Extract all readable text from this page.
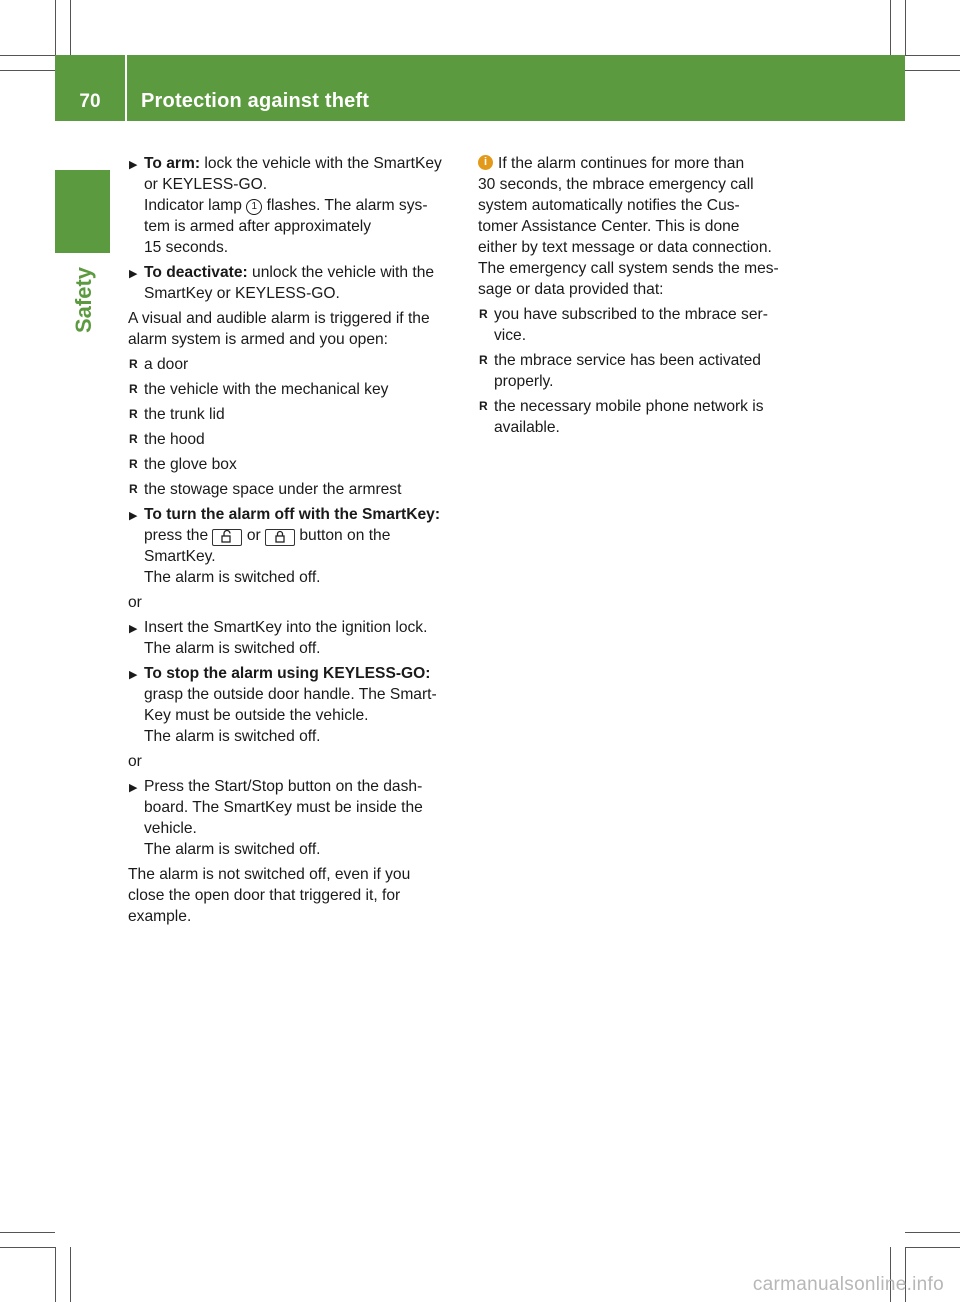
70	Protection against theft
Safety
▶ To arm: lock the vehicle with the SmartKey
or KEYLESS-GO.
Indicator lamp 1 flashes. The alarm sys-
tem is armed after approximately
15 seconds.
▶ To deactivate: unlock the vehicle with the
SmartKey or KEYLESS-GO.
A visual and audible alarm is triggered if the
alarm system is armed and you open:
R a door
R the vehicle with the mechanical key
R the trunk lid
R the hood
R the glove box
R the stowage space under the armrest
▶ To turn the alarm off with the SmartKey:
press the  or  button on the
SmartKey.
The alarm is switched off.
or
▶ Insert the SmartKey into the ignition lock.
The alarm is switched off.
▶ To stop the alarm using KEYLESS-GO:
grasp the outside door handle. The Smart-
Key must be outside the vehicle.
The alarm is switched off.
or
▶ Press the Start/Stop button on the dash-
board. The SmartKey must be inside the
vehicle.
The alarm is switched off.
The alarm is not switched off, even if you
close the open door that triggered it, for
example.
i If the alarm continues for more than
30 seconds, the mbrace emergency call
system automatically notifies the Cus-
tomer Assistance Center. This is done
either by text message or data connection.
The emergency call system sends the mes-
sage or data provided that:
R you have subscribed to the mbrace ser-
vice.
R the mbrace service has been activated
properly.
R the necessary mobile phone network is
available.
carmanualsonline.info
